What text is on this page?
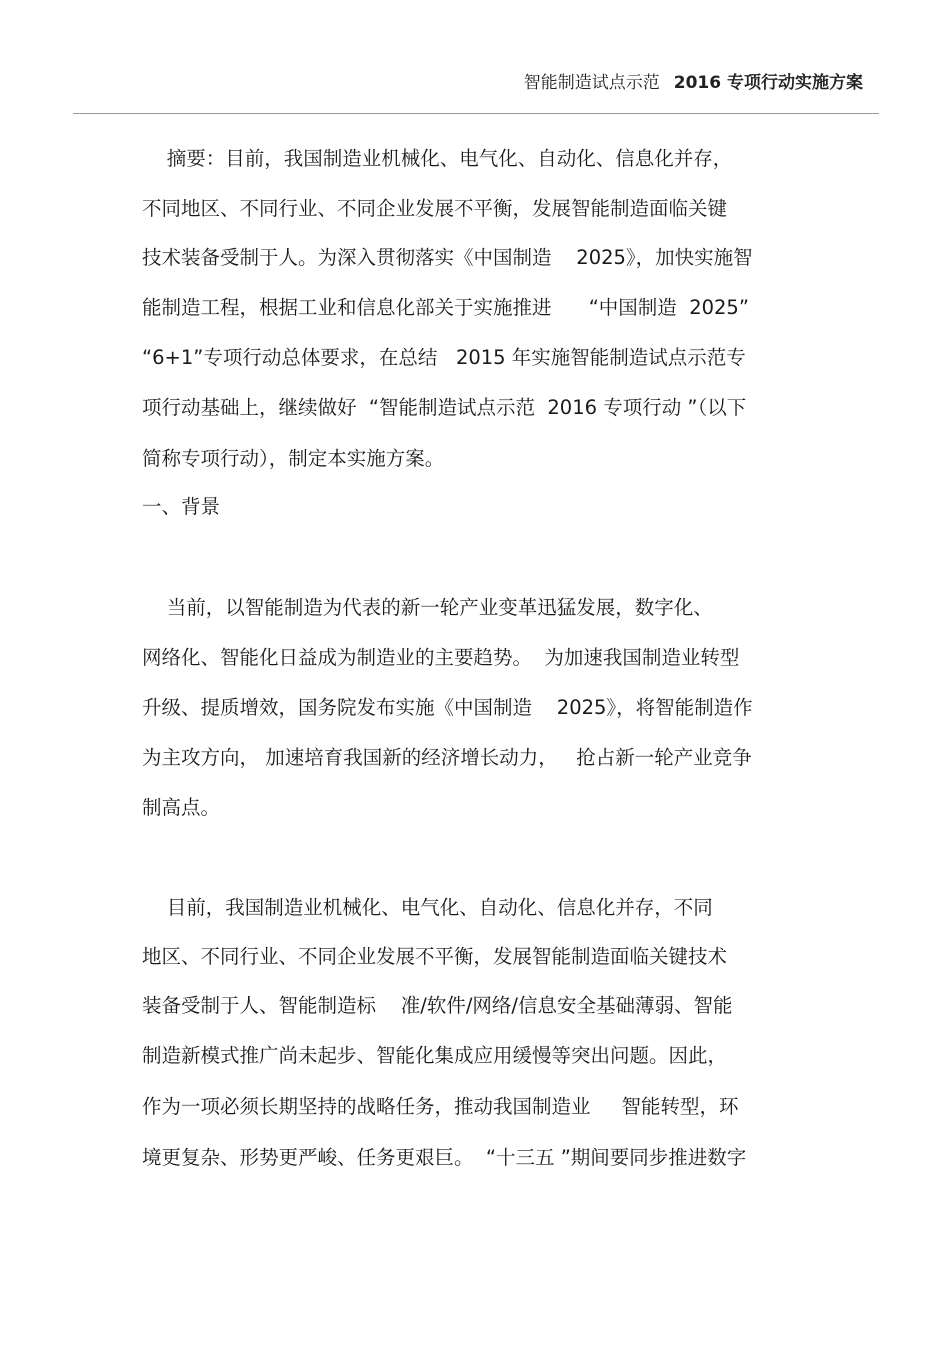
智能制造试点示范 2016 专项行动实施方案
摘要：目前，我国制造业机械化、电气化、自动化、信息化并存，
不同地区、不同行业、不同企业发展不平衡，发展智能制造面临关键
技术装备受制于人。为深入贯彻落实《中国制造    2025》，加快实施智
能制造工程，根据工业和信息化部关于实施推进      “中国制造  2025”
“6+1”专项行动总体要求，在总结   2015 年实施智能制造试点示范专
项行动基础上，继续做好  “智能制造试点示范  2016 专项行动 ”（以下
简称专项行动），制定本实施方案。
一、背景
当前，以智能制造为代表的新一轮产业变革迅猛发展，数字化、
网络化、智能化日益成为制造业的主要趋势。  为加速我国制造业转型
升级、提质增效，国务院发布实施《中国制造    2025》，将智能制造作
为主攻方向， 加速培育我国新的经济增长动力，   抢占新一轮产业竞争
制高点。
目前，我国制造业机械化、电气化、自动化、信息化并存，不同
地区、不同行业、不同企业发展不平衡，发展智能制造面临关键技术
装备受制于人、智能制造标    准/软件/网络/信息安全基础薄弱、智能
制造新模式推广尚未起步、智能化集成应用缓慢等突出问题。因此，
作为一项必须长期坚持的战略任务，推动我国制造业     智能转型，环
境更复杂、形势更严峻、任务更艰巨。  “十三五 ”期间要同步推进数字
